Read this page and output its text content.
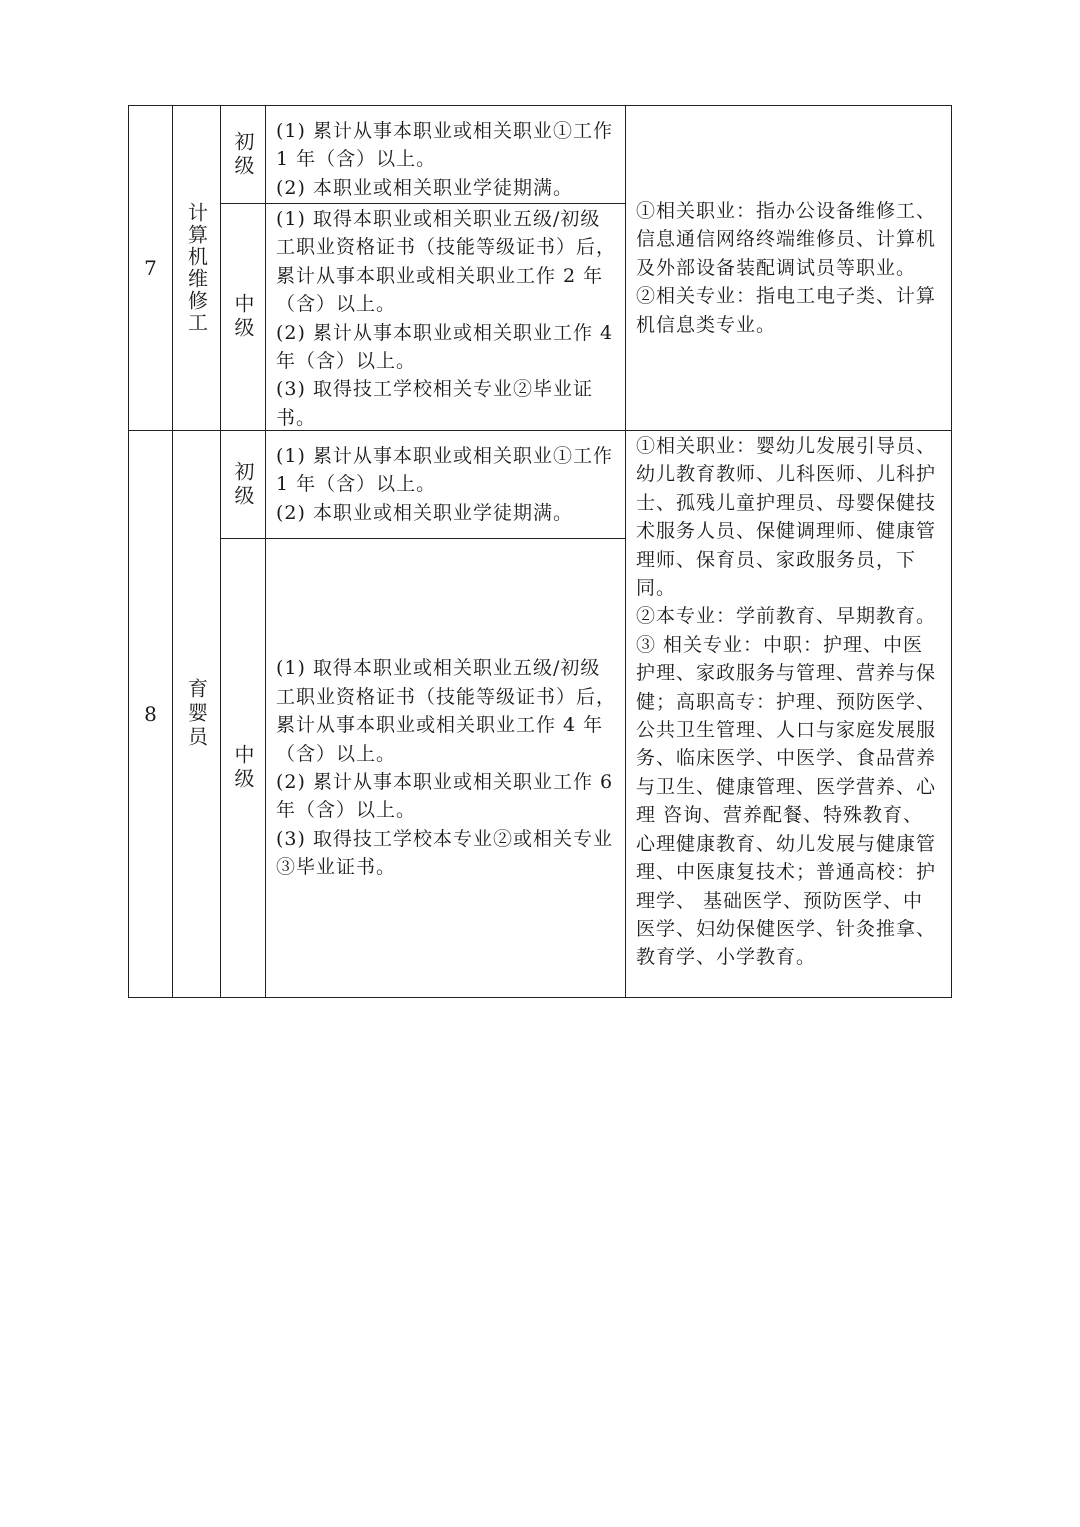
7 计算机维修工
初级 (1) 累计从事本职业或相关职业①工作 1 年（含）以上。
(2) 本职业或相关职业学徒期满。
中级
(1) 取得本职业或相关职业五级/初级工职业资格证书（技能等级证书）后，累计从事本职业或相关职业工作 2 年（含）以上。
(2) 累计从事本职业或相关职业工作 4 年（含）以上。
(3) 取得技工学校相关专业②毕业证书。
①相关职业：指办公设备维修工、信息通信网络终端维修员、计算机及外部设备装配调试员等职业。
②相关专业：指电工电子类、计算机信息类专业。
8 育婴员
初级
(1) 累计从事本职业或相关职业①工作 1 年（含）以上。
(2) 本职业或相关职业学徒期满。
中级
(1) 取得本职业或相关职业五级/初级工职业资格证书（技能等级证书）后，累计从事本职业或相关职业工作 4 年（含）以上。
(2) 累计从事本职业或相关职业工作 6 年（含）以上。
(3) 取得技工学校本专业②或相关专业③毕业证书。
①相关职业：婴幼儿发展引导员、幼儿教育教师、儿科医师、儿科护士、孤残儿童护理员、母婴保健技术服务人员、保健调理师、健康管理师、保育员、家政服务员，下同。
②本专业：学前教育、早期教育。
③ 相关专业：中职：护理、中医护理、家政服务与管理、营养与保健；高职高专：护理、预防医学、公共卫生管理、人口与家庭发展服务、临床医学、中医学、食品营养与卫生、健康管理、医学营养、心理 咨询、营养配餐、特殊教育、心理健康教育、幼儿发展与健康管理、中医康复技术；普通高校：护理学、 基础医学、预防医学、中医学、妇幼保健医学、针灸推拿、教育学、小学教育。
